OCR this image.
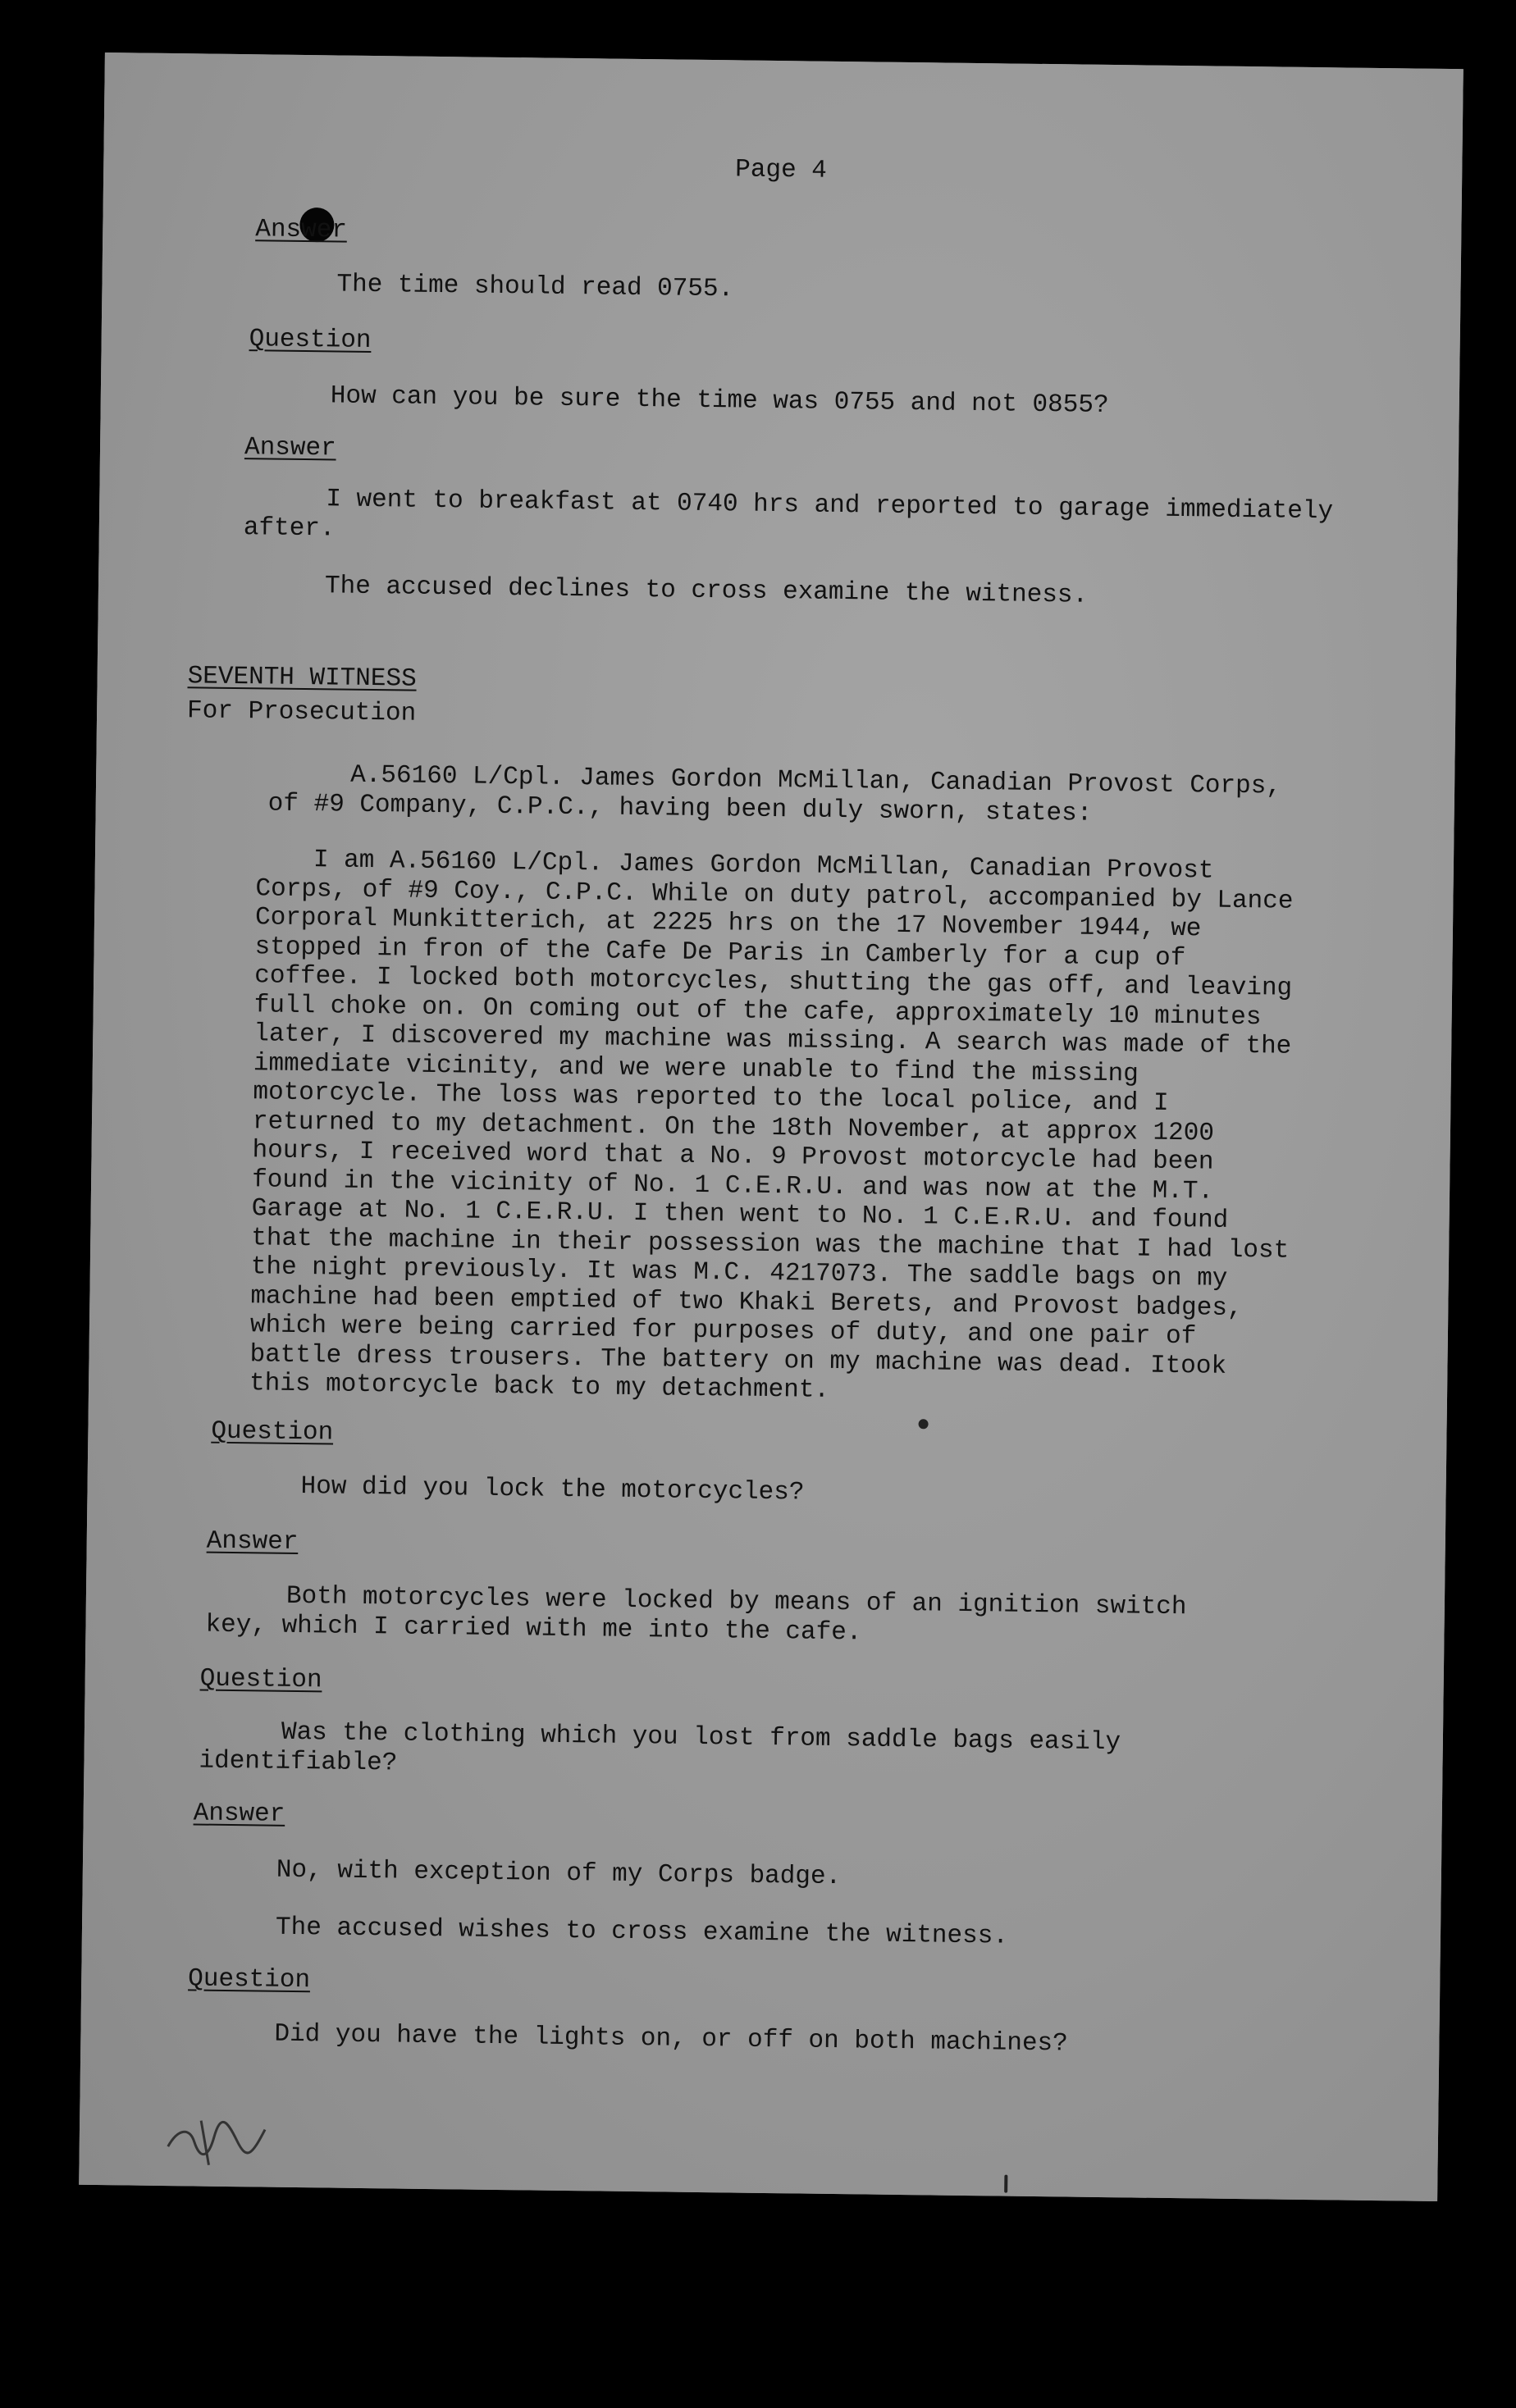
Page 4
Answer
The time should read 0755.
Question
How can you be sure the time was 0755 and not 0855?
Answer
I went to breakfast at 0740 hrs and reported to garage immediately
after.
The accused declines to cross examine the witness.
SEVENTH WITNESS
For Prosecution
A.56160 L/Cpl. James Gordon McMillan, Canadian Provost Corps,
of #9 Company, C.P.C., having been duly sworn, states:
I am A.56160 L/Cpl. James Gordon McMillan, Canadian Provost Corps, of #9 Coy., C.P.C. While on duty patrol, accompanied by Lance Corporal Munkitterich, at 2225 hrs on the 17 November 1944, we stopped in fron of the Cafe De Paris in Camberly for a cup of coffee. I locked both motorcycles, shutting the gas off, and leaving full choke on. On coming out of the cafe, approximately 10 minutes later, I discovered my machine was missing. A search was made of the immediate vicinity, and we were unable to find the missing motorcycle. The loss was reported to the local police, and I returned to my detachment. On the 18th November, at approx 1200 hours, I received word that a No. 9 Provost motorcycle had been found in the vicinity of No. 1 C.E.R.U. and was now at the M.T. Garage at No. 1 C.E.R.U. I then went to No. 1 C.E.R.U. and found that the machine in their possession was the machine that I had lost the night previously. It was M.C. 4217073. The saddle bags on my machine had been emptied of two Khaki Berets, and Provost badges, which were being carried for purposes of duty, and one pair of battle dress trousers. The battery on my machine was dead. Itook this motorcycle back to my detachment.
Question
How did you lock the motorcycles?
Answer
Both motorcycles were locked by means of an ignition switch key, which I carried with me into the cafe.
Question
Was the clothing which you lost from saddle bags easily identifiable?
Answer
No, with exception of my Corps badge.
The accused wishes to cross examine the witness.
Question
Did you have the lights on, or off on both machines?
